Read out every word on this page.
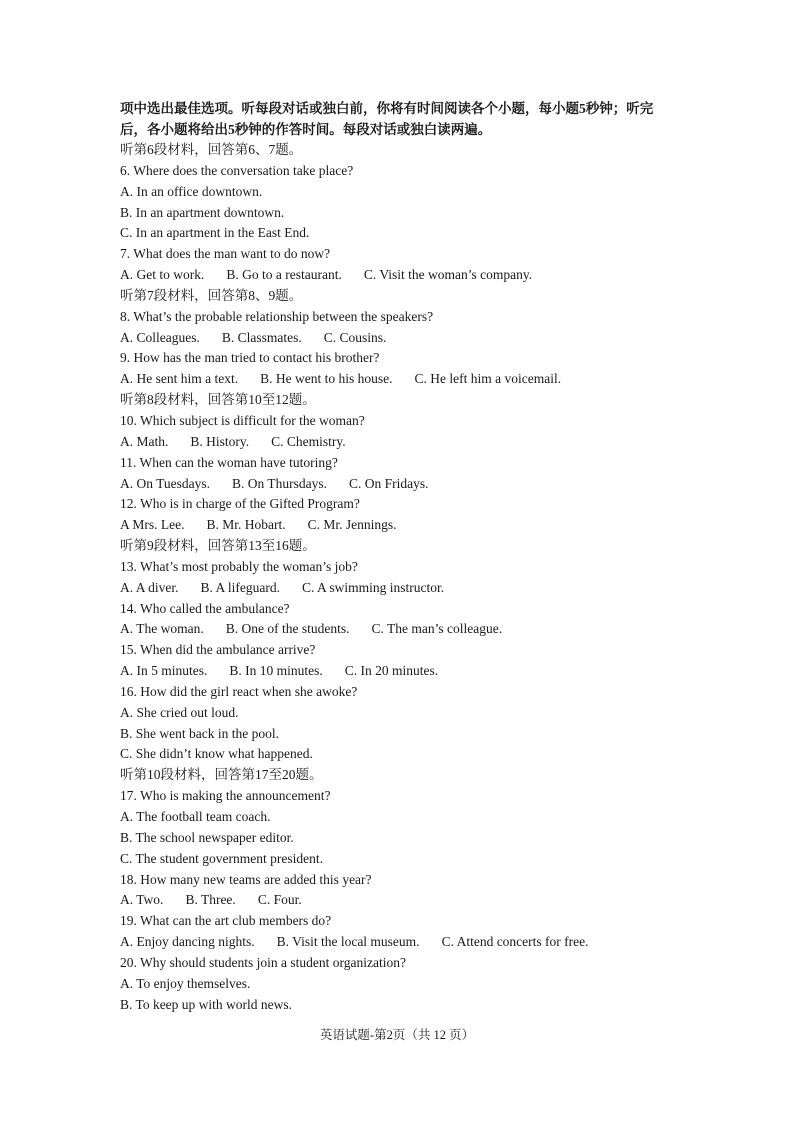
项中选出最佳选项。听每段对话或独白前，你将有时间阅读各个小题，每小题5秒钟；听完后，各小题将给出5秒钟的作答时间。每段对话或独白读两遍。

听第6段材料，回答第6、7题。
6. Where does the conversation take place?
A. In an office downtown.
B. In an apartment downtown.
C. In an apartment in the East End.
7. What does the man want to do now?
A. Get to work. B. Go to a restaurant. C. Visit the woman’s company.
听第7段材料，回答第8、9题。
8. What’s the probable relationship between the speakers?
A. Colleagues. B. Classmates. C. Cousins.
9. How has the man tried to contact his brother?
A. He sent him a text. B. He went to his house. C. He left him a voicemail.
听第8段材料，回答第10至12题。
10. Which subject is difficult for the woman?
A. Math. B. History. C. Chemistry.
11. When can the woman have tutoring?
A. On Tuesdays. B. On Thursdays. C. On Fridays.
12. Who is in charge of the Gifted Program?
A Mrs. Lee. B. Mr. Hobart. C. Mr. Jennings.
听第9段材料，回答第13至16题。
13. What’s most probably the woman’s job?
A. A diver. B. A lifeguard. C. A swimming instructor.
14. Who called the ambulance?
A. The woman. B. One of the students. C. The man’s colleague.
15. When did the ambulance arrive?
A. In 5 minutes. B. In 10 minutes. C. In 20 minutes.
16. How did the girl react when she awoke?
A. She cried out loud.
B. She went back in the pool.
C. She didn’t know what happened.
听第10段材料，回答第17至20题。
17. Who is making the announcement?
A. The football team coach.
B. The school newspaper editor.
C. The student government president.
18. How many new teams are added this year?
A. Two. B. Three. C. Four.
19. What can the art club members do?
A. Enjoy dancing nights. B. Visit the local museum. C. Attend concerts for free.
20. Why should students join a student organization?
A. To enjoy themselves.
B. To keep up with world news.
英语试题-第2页（共 12 页）
